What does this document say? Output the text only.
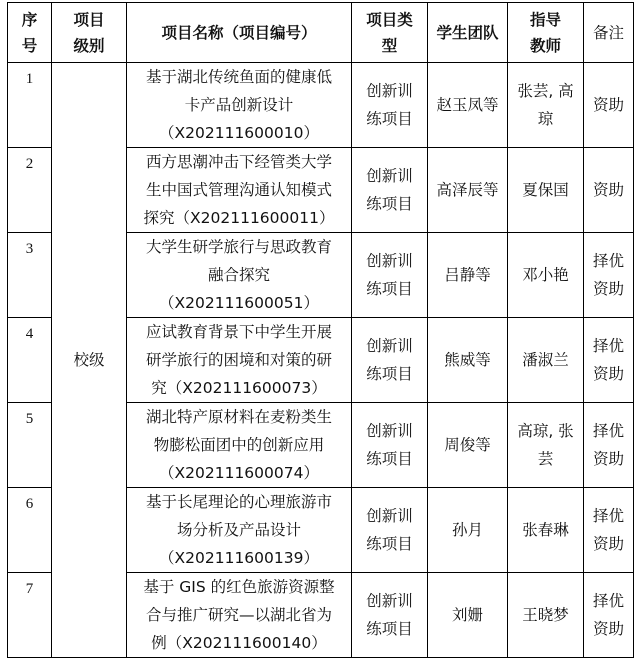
序
号	项目
级别	项目名称（项目编号）	项目类
型	学生团队	指导
教师	备注
1	校级	基于湖北传统鱼面的健康低
卡产品创新设计
（X202111600010）	创新训
练项目	赵玉凤等	张芸, 高
琼	资助

2		西方思潮冲击下经管类大学
生中国式管理沟通认知模式
探究（X202111600011）	创新训
练项目	高泽辰等	夏保国	资助

3		大学生研学旅行与思政教育
融合探究
（X202111600051）	创新训
练项目	吕静等	邓小艳	择优
资助

4		应试教育背景下中学生开展
研学旅行的困境和对策的研
究（X202111600073）	创新训
练项目	熊威等	潘淑兰	择优
资助

5		湖北特产原材料在麦粉类生
物膨松面团中的创新应用
（X202111600074）	创新训
练项目	周俊等	高琼, 张
芸	择优
资助

6		基于长尾理论的心理旅游市
场分析及产品设计
（X202111600139）	创新训
练项目	孙月	张春琳	择优
资助

7		基于 GIS 的红色旅游资源整
合与推广研究—以湖北省为
例（X202111600140）	创新训
练项目	刘姗	王晓梦	择优
资助
